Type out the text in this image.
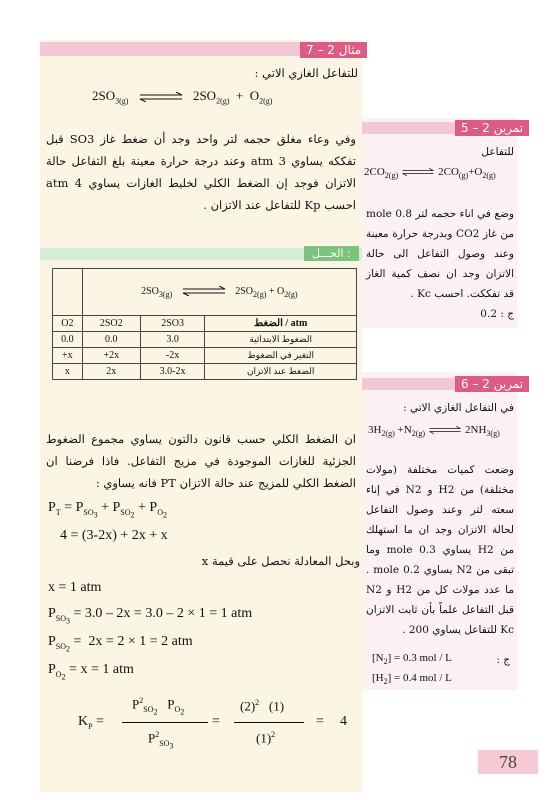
مثال 2 – 7
للتفاعل الغازي الاتي :
$2SO_{3(g)}$ ⇌ $2SO_{2(g)} + O_{2(g)}$
وفي وعاء مغلق حجمه لتر واحد وجد أن ضغط غاز SO3 قبل تفككه يساوي 3 atm وعند درجة حرارة معينة بلغ التفاعل حالة الاتزان فوجد إن الضغط الكلي لخليط الغازات يساوي 4 atm احسب Kp للتفاعل عند الاتزان .
الحـــل :
	$2SO_{3(g)}$ $2SO_{2(g)} + O_{2(g)}$
O2	2SO2	2SO3	atm / الضغط
0.0	0.0	3.0	الضغوط الابتدائية
+x	+2x	-2x	التغير في الضغوط
x	2x	3.0-2x	الضغط عند الاتزان
ان الضغط الكلي حسب قانون دالتون يساوي مجموع الضغوط الجزئية للغازات الموجودة في مزيج التفاعل. فاذا فرضنا ان الضغط الكلي للمزيج عند حالة الاتزان PT فانه يساوي :
$P_T = P_{SO_3} + P_{SO_2} + P_{O_2}$
4 = (3-2x) + 2x + x
وبحل المعادلة نحصل على قيمة x
x = 1 atm
$P_{SO_3} = 3.0 - 2x = 3.0 - 2 \times 1 = 1$ atm
$P_{SO_2} = 2x = 2 \times 1 = 2$ atm
$P_{O_2} = x = 1$ atm
$K_P$ =
$P^2_{SO_2}$   $P_{O_2}$
$P^2_{SO_3}$
=
$(2)^2$   (1)
$(1)^2$
= 4
تمرين 2 – 5
للتفاعل
$2CO_{2(g)}$ ⇌ $2CO_{(g)}+O_{2(g)}$
وضع في اناء حجمه لتر 0.8 mole من غاز CO2 وبدرجة حرارة معينة وعند وصول التفاعل الى حالة الاتزان وجد ان نصف كمية الغاز قد تفككت. احسب Kc .
ج : 0.2
تمرين 2 – 6
في التفاعل الغازي الاتي :
$3H_{2(g)} +N_{2(g)}$ ⇌ $2NH_{3(g)}$
وضعت كميات مختلفة (مولات مختلفة) من H2 و N2 في إناء سعته لتر وعند وصول التفاعل لحالة الاتزان وجد ان ما استهلك من H2 يساوي 0.3 mole وما تبقى من N2 يساوي 0.2 mole . ما عدد مولات كل من H2 و N2 قبل التفاعل علماً بأن ثابت الاتزان Kc للتفاعل يساوي 200 .
ج :
$[N_2] = 0.3$ mol / L
$[H_2] = 0.4$ mol / L
78
